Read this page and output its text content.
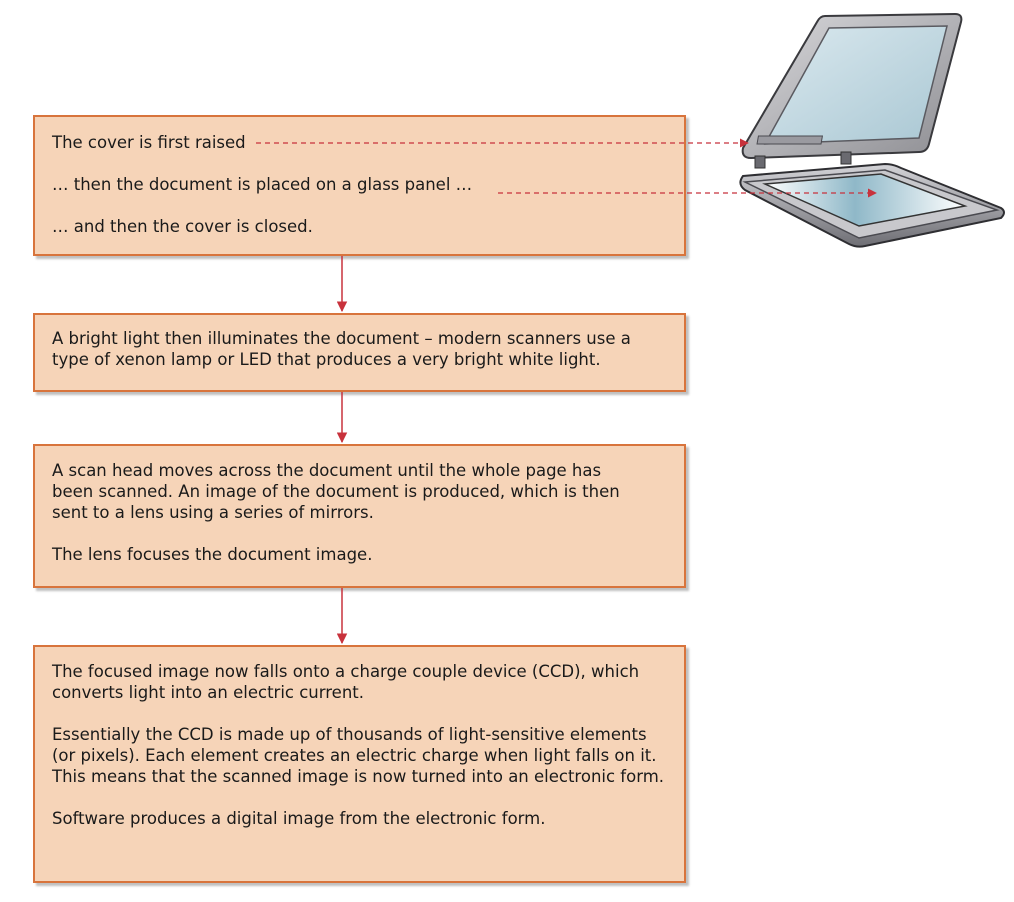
The cover is first raised

… then the document is placed on a glass panel …

… and then the cover is closed.

A bright light then illuminates the document – modern scanners use a type of xenon lamp or LED that produces a very bright white light.

A scan head moves across the document until the whole page has been scanned. An image of the document is produced, which is then sent to a lens using a series of mirrors.

The lens focuses the document image.

The focused image now falls onto a charge couple device (CCD), which converts light into an electric current.

Essentially the CCD is made up of thousands of light-sensitive elements (or pixels). Each element creates an electric charge when light falls on it. This means that the scanned image is now turned into an electronic form.

Software produces a digital image from the electronic form.
